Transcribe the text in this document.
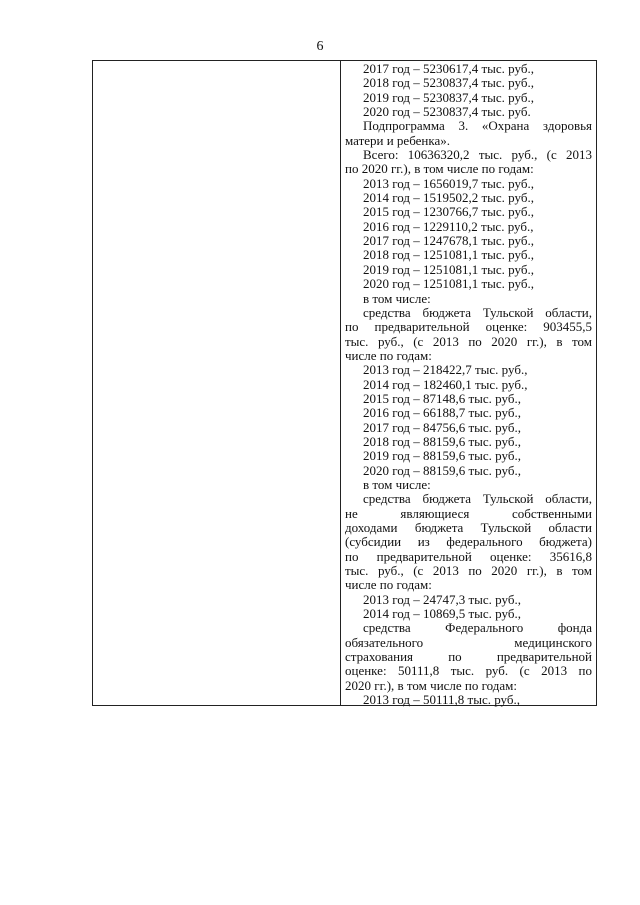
6

2017 год – 5230617,4 тыс. руб.,

2018 год – 5230837,4 тыс. руб.,

2019 год – 5230837,4 тыс. руб.,

2020 год – 5230837,4 тыс. руб.

Подпрограмма 3. «Охрана здоровья

матери и ребенка».

Всего: 10636320,2 тыс. руб., (с 2013

по 2020 гг.), в том числе по годам:

2013 год – 1656019,7 тыс. руб.,

2014 год – 1519502,2 тыс. руб.,

2015 год – 1230766,7 тыс. руб.,

2016 год – 1229110,2 тыс. руб.,

2017 год – 1247678,1 тыс. руб.,

2018 год – 1251081,1 тыс. руб.,

2019 год – 1251081,1 тыс. руб.,

2020 год – 1251081,1 тыс. руб.,

в том числе:

средства бюджета Тульской области,

по предварительной оценке: 903455,5

тыс. руб., (с 2013 по 2020 гг.), в том

числе по годам:

2013 год – 218422,7 тыс. руб.,

2014 год – 182460,1 тыс. руб.,

2015 год – 87148,6 тыс. руб.,

2016 год – 66188,7 тыс. руб.,

2017 год – 84756,6 тыс. руб.,

2018 год – 88159,6 тыс. руб.,

2019 год – 88159,6 тыс. руб.,

2020 год – 88159,6 тыс. руб.,

в том числе:

средства бюджета Тульской области,

не являющиеся собственными

доходами бюджета Тульской области

(субсидии из федерального бюджета)

по предварительной оценке: 35616,8

тыс. руб., (с 2013 по 2020 гг.), в том

числе по годам:

2013 год – 24747,3 тыс. руб.,

2014 год – 10869,5 тыс. руб.,

средства Федерального фонда

обязательного медицинского

страхования по предварительной

оценке: 50111,8 тыс. руб. (с 2013 по

2020 гг.), в том числе по годам:

2013 год – 50111,8 тыс. руб.,
